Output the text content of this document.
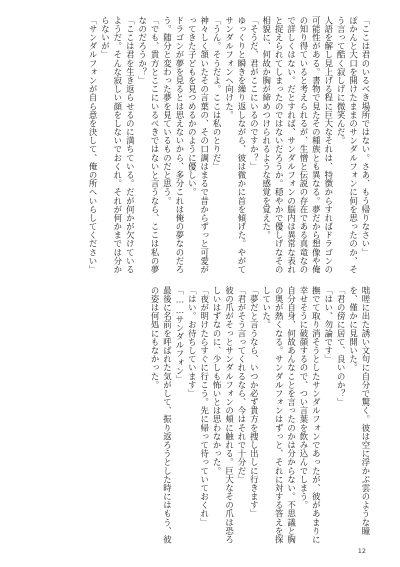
「ここは君のいるべき場所ではない。さあ、もう帰りなさい」
ぽかんと大口を開けたままのサンダルフォンに何を思ったのか、そう言って酷く寂しげに微笑んだ。
人語を解し見上げる程に巨大なそれは、特徴からすればドラゴンの可能性がある。書物で見たその種族とも異なる。夢だから想像や俺の知り得ていると考えられるが、生憎と伝説の存在である真竜なので詳しくはない。だとすれば、サンダルフォンの脳内は異常な表れと捉えられてしまったのではないだろうか。穏やかで優しげなその相貌に、何故か胸が締めつけられるような感覚を覚えた。
「そうだ、君がここにいるのですか？」
ゆっくりと瞬きを繰り返しながら、彼は微かに首を傾げた。やがてサンダルフォンへ向けた。
「うん。そうだよ。ここは私のとりだ」
神々しく頷いたその言葉の、その口調はまるで昔からずっと可愛がってきた子どもを見つめるかのように優しい。
ドラゴンが夢を見るとは思えないから、多分これは俺の夢なのだろう。随分と変わった夢を見ているものだと思う。
「でも、貴方とここにいるべきではないと言うなら、ここは私の夢なのだろうか？」
「ここは君を生き返らせるのに満ちている。だが何かが欠けているようだ。そんな寂しい顔をしないでおくれ。それが何かまでは分からないが」
「サンダルフォンが自ら意を決して、俺の所へいらしてください」
咄嗟に出た誘い文句に自分で驚く。彼は空に浮かぶ雲のような瞳を、僅かに見開いた。
「君の傍に居て、良いのか？」
「はい、勿論です」
撫でて取り消そうとしたサンダルフォンであったが、彼があまりに幸せそうに破顔するので、つい言葉を飲み込んでしまう。
自分自身、何故あんなことを言ったのかは分からない。不思議と胸の奥が熱くなる。サンダルフォンはずっと、それに対する答えを探していた。
「夢だと言うなら、いつか必ず貴方を捜し出しに行きます」
「君がそう言ってくれるなら、今はそれで十分だ」
彼の爪がそっとサンダルフォンの頬に触れる。巨大なその爪は恐ろしいはずなのに、少しも怖いとは思わなかった。
「夜が明けたらすぐに行こう。先に帰って待っていておくれ」
「はい。お待ちしています」
「……サンダルフォン」
最後に名前を呼ばれた気がして、振り返ろうとした時にはもう、彼の姿は何処にもなかった。
12
